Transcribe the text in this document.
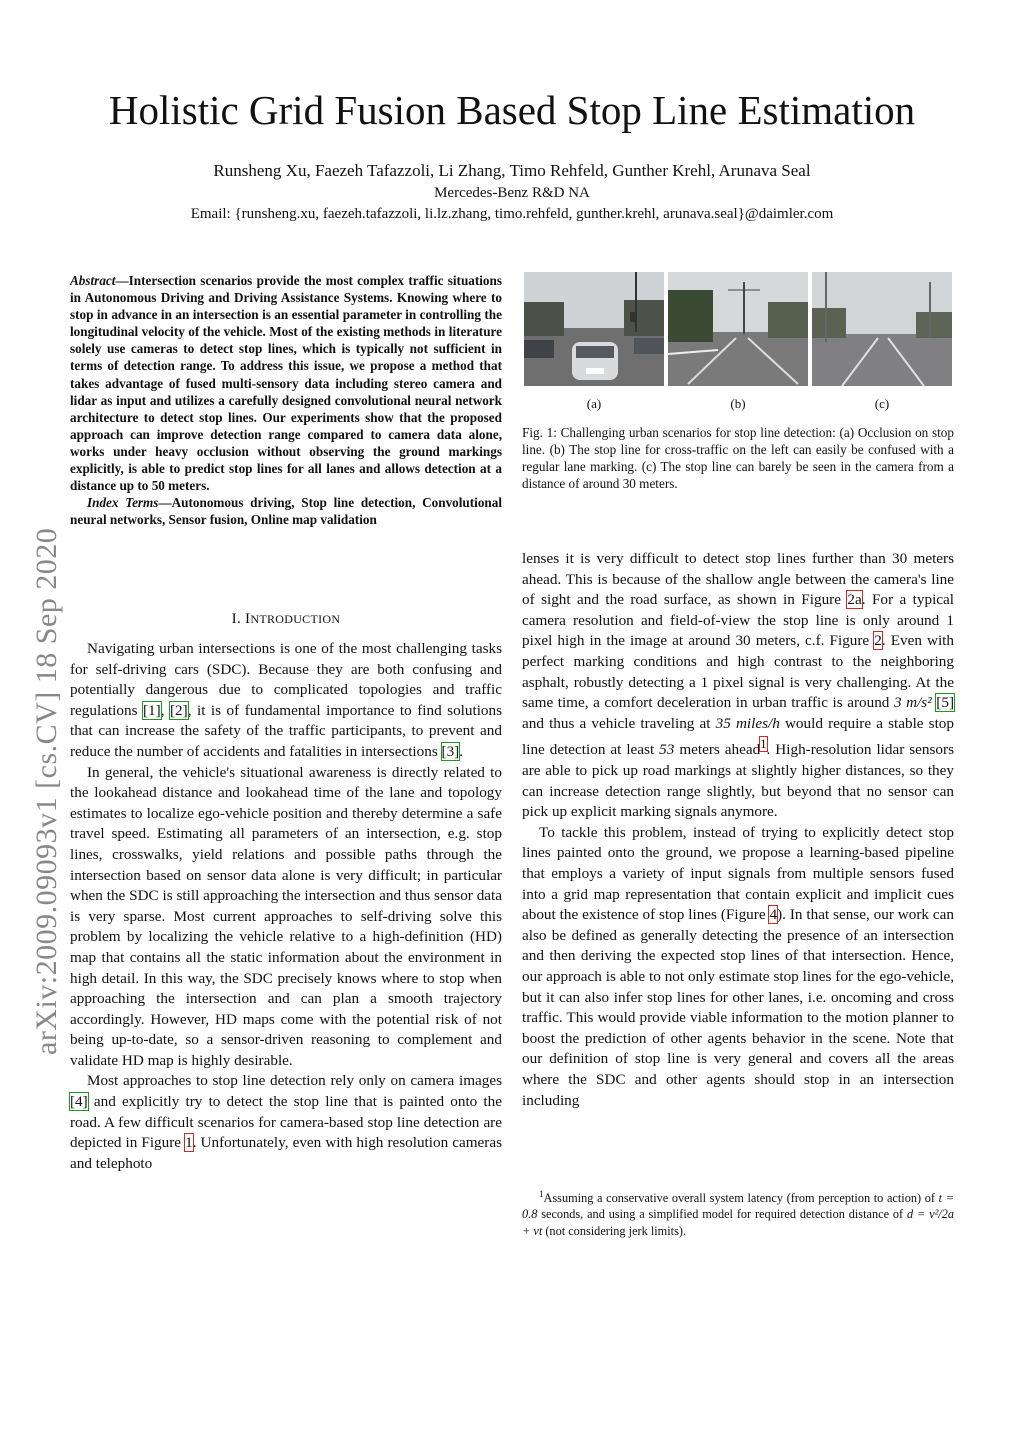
Holistic Grid Fusion Based Stop Line Estimation
Runsheng Xu, Faezeh Tafazzoli, Li Zhang, Timo Rehfeld, Gunther Krehl, Arunava Seal
Mercedes-Benz R&D NA
Email: {runsheng.xu, faezeh.tafazzoli, li.lz.zhang, timo.rehfeld, gunther.krehl, arunava.seal}@daimler.com
arXiv:2009.09093v1 [cs.CV] 18 Sep 2020

Abstract—Intersection scenarios provide the most complex traffic situations in Autonomous Driving and Driving Assistance Systems. Knowing where to stop in advance in an intersection is an essential parameter in controlling the longitudinal velocity of the vehicle. Most of the existing methods in literature solely use cameras to detect stop lines, which is typically not sufficient in terms of detection range. To address this issue, we propose a method that takes advantage of fused multi-sensory data including stereo camera and lidar as input and utilizes a carefully designed convolutional neural network architecture to detect stop lines. Our experiments show that the proposed approach can improve detection range compared to camera data alone, works under heavy occlusion without observing the ground markings explicitly, is able to predict stop lines for all lanes and allows detection at a distance up to 50 meters.

Index Terms—Autonomous driving, Stop line detection, Convolutional neural networks, Sensor fusion, Online map validation

I. INTRODUCTION

Navigating urban intersections is one of the most challenging tasks for self-driving cars (SDC). Because they are both confusing and potentially dangerous due to complicated topologies and traffic regulations [1], [2], it is of fundamental importance to find solutions that can increase the safety of the traffic participants, to prevent and reduce the number of accidents and fatalities in intersections [3].

In general, the vehicle's situational awareness is directly related to the lookahead distance and lookahead time of the lane and topology estimates to localize ego-vehicle position and thereby determine a safe travel speed. Estimating all parameters of an intersection, e.g. stop lines, crosswalks, yield relations and possible paths through the intersection based on sensor data alone is very difficult; in particular when the SDC is still approaching the intersection and thus sensor data is very sparse. Most current approaches to self-driving solve this problem by localizing the vehicle relative to a high-definition (HD) map that contains all the static information about the environment in high detail. In this way, the SDC precisely knows where to stop when approaching the intersection and can plan a smooth trajectory accordingly. However, HD maps come with the potential risk of not being up-to-date, so a sensor-driven reasoning to complement and validate HD map is highly desirable.

Most approaches to stop line detection rely only on camera images [4] and explicitly try to detect the stop line that is painted onto the road. A few difficult scenarios for camera-based stop line detection are depicted in Figure 1. Unfortunately, even with high resolution cameras and telephoto

(a)	(b)	(c)
Fig. 1: Challenging urban scenarios for stop line detection: (a) Occlusion on stop line. (b) The stop line for cross-traffic on the left can easily be confused with a regular lane marking. (c) The stop line can barely be seen in the camera from a distance of around 30 meters.

lenses it is very difficult to detect stop lines further than 30 meters ahead. This is because of the shallow angle between the camera's line of sight and the road surface, as shown in Figure 2a. For a typical camera resolution and field-of-view the stop line is only around 1 pixel high in the image at around 30 meters, c.f. Figure 2. Even with perfect marking conditions and high contrast to the neighboring asphalt, robustly detecting a 1 pixel signal is very challenging. At the same time, a comfort deceleration in urban traffic is around 3 m/s² [5] and thus a vehicle traveling at 35 miles/h would require a stable stop line detection at least 53 meters ahead$^1$. High-resolution lidar sensors are able to pick up road markings at slightly higher distances, so they can increase detection range slightly, but beyond that no sensor can pick up explicit marking signals anymore.

To tackle this problem, instead of trying to explicitly detect stop lines painted onto the ground, we propose a learning-based pipeline that employs a variety of input signals from multiple sensors fused into a grid map representation that contain explicit and implicit cues about the existence of stop lines (Figure 4). In that sense, our work can also be defined as generally detecting the presence of an intersection and then deriving the expected stop lines of that intersection. Hence, our approach is able to not only estimate stop lines for the ego-vehicle, but it can also infer stop lines for other lanes, i.e. oncoming and cross traffic. This would provide viable information to the motion planner to boost the prediction of other agents behavior in the scene. Note that our definition of stop line is very general and covers all the areas where the SDC and other agents should stop in an intersection including

$^1$Assuming a conservative overall system latency (from perception to action) of t = 0.8 seconds, and using a simplified model for required detection distance of d = v²/2a + vt (not considering jerk limits).
